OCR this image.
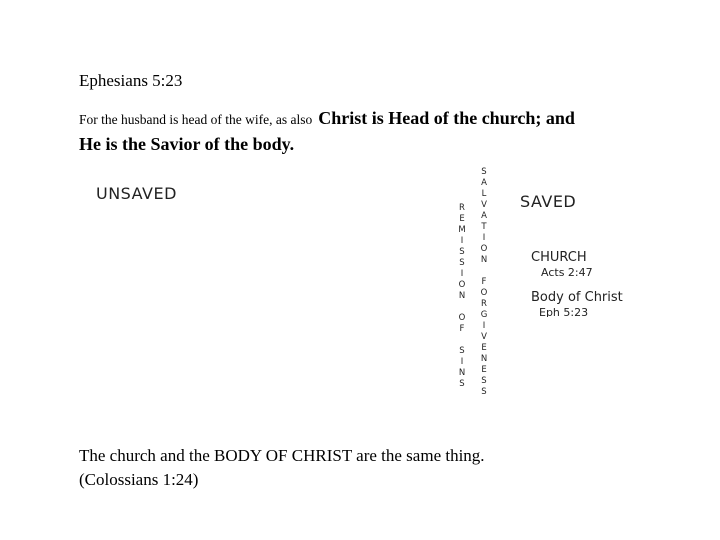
Ephesians 5:23
For the husband is head of the wife, as also Christ is Head of the church; and
He is the Savior of the body.
UNSAVED
R
E
M
I
S
S
I
O
N

O
F

S
I
N
S
S
A
L
V
A
T
I
O
N

F
O
R
G
I
V
E
N
E
S
S
SAVED
CHURCH
Acts 2:47
Body of Christ
Eph 5:23
The church and the BODY OF CHRIST are the same thing.
(Colossians 1:24)
